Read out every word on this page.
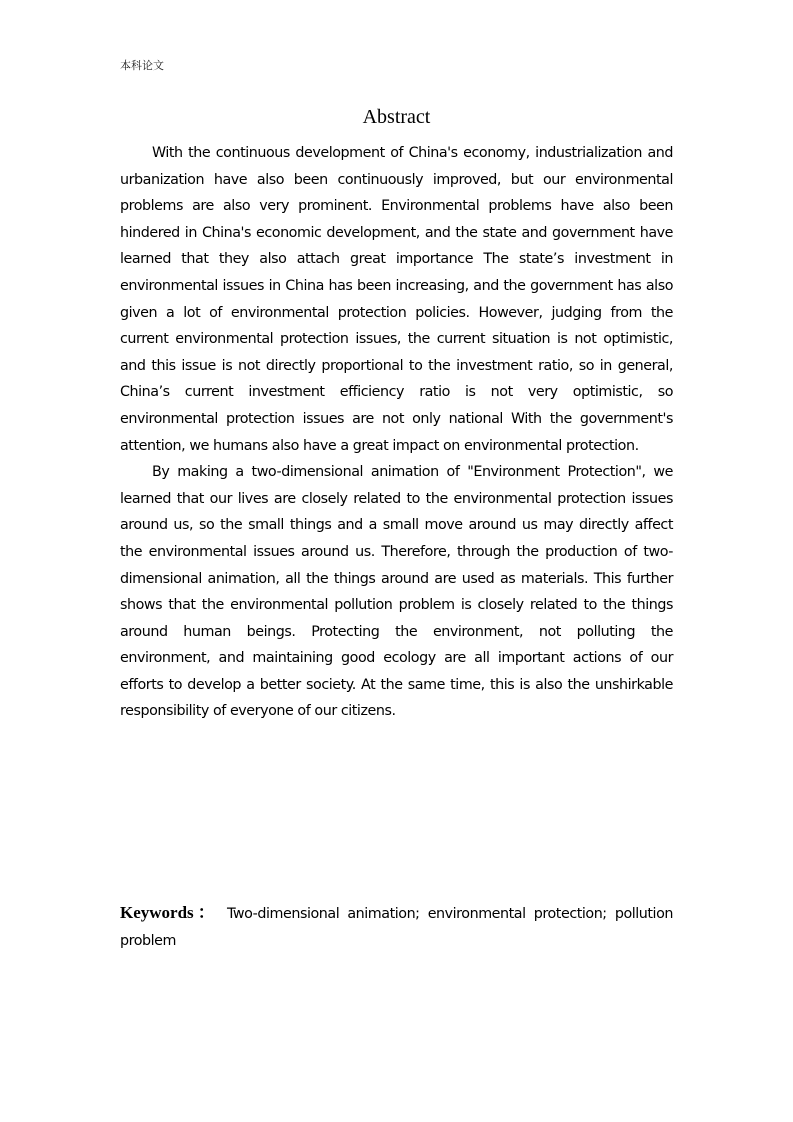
本科论文
Abstract

With the continuous development of China's economy, industrialization and urbanization have also been continuously improved, but our environmental problems are also very prominent. Environmental problems have also been hindered in China's economic development, and the state and government have learned that they also attach great importance The state’s investment in environmental issues in China has been increasing, and the government has also given a lot of environmental protection policies. However, judging from the current environmental protection issues, the current situation is not optimistic, and this issue is not directly proportional to the investment ratio, so in general, China’s current investment efficiency ratio is not very optimistic, so environmental protection issues are not only national With the government's attention, we humans also have a great impact on environmental protection.

By making a two-dimensional animation of "Environment Protection", we learned that our lives are closely related to the environmental protection issues around us, so the small things and a small move around us may directly affect the environmental issues around us. Therefore, through the production of two-dimensional animation, all the things around are used as materials. This further shows that the environmental pollution problem is closely related to the things around human beings. Protecting the environment, not polluting the environment, and maintaining good ecology are all important actions of our efforts to develop a better society. At the same time, this is also the unshirkable responsibility of everyone of our citizens.

Keywords： Two-dimensional animation; environmental protection; pollution problem
